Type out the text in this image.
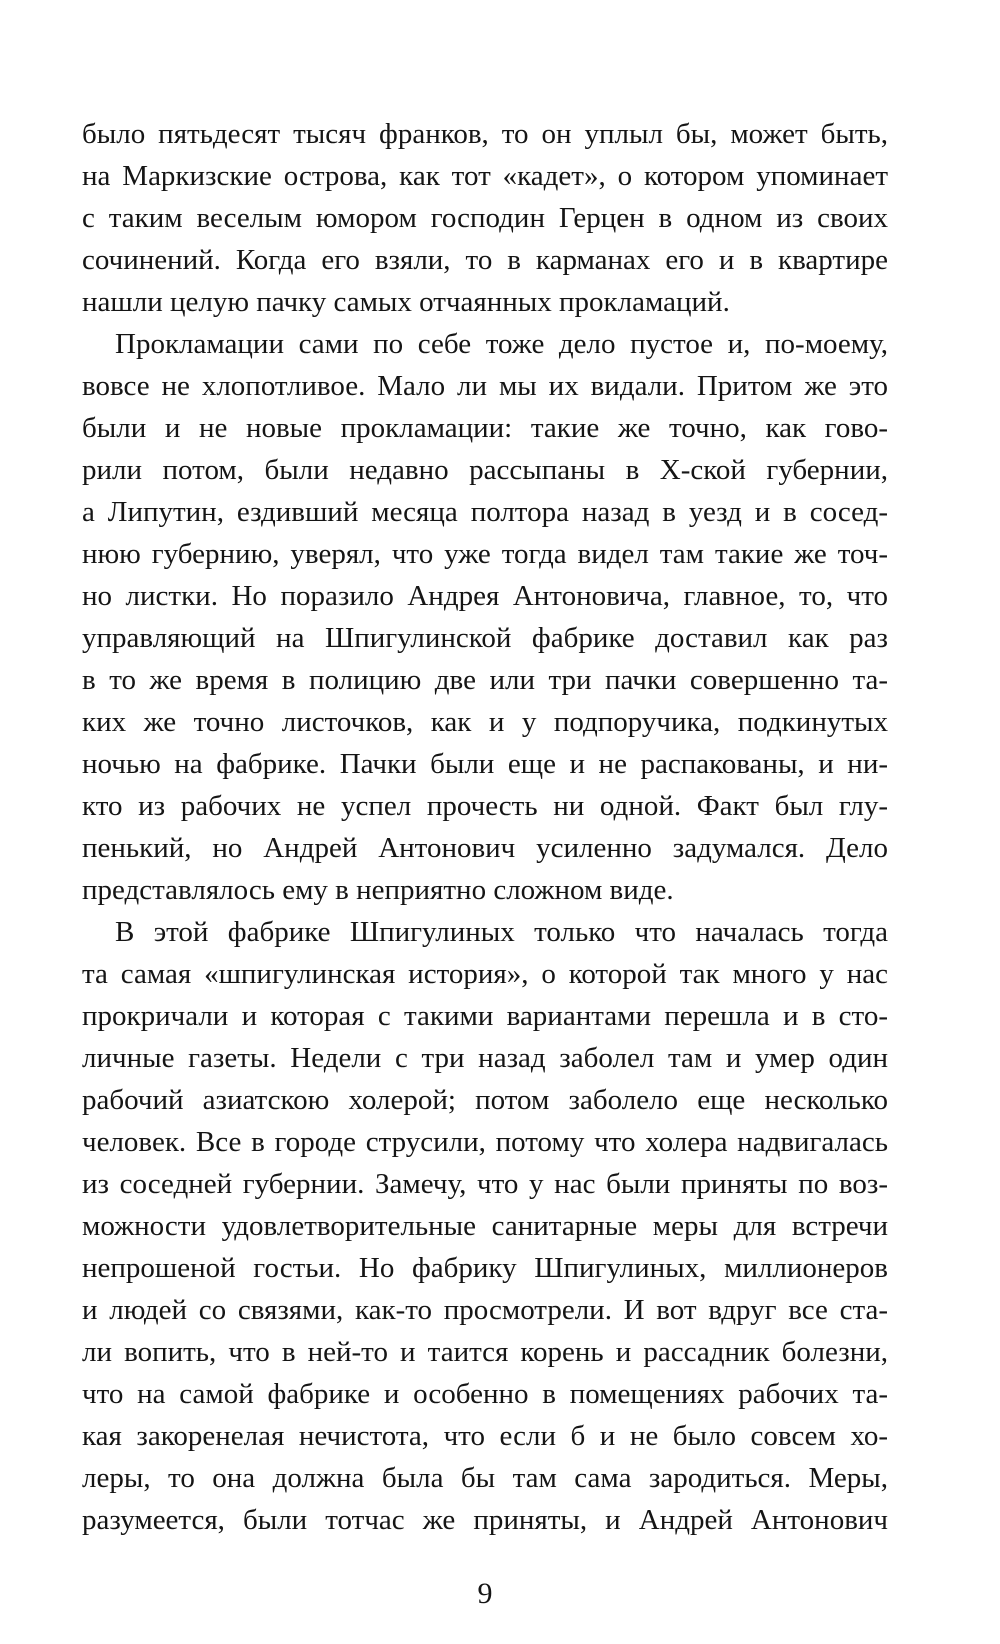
было пятьдесят тысяч франков, то он уплыл бы, может быть,
на Маркизские острова, как тот «кадет», о котором упоминает
с таким веселым юмором господин Герцен в одном из своих
сочинений. Когда его взяли, то в карманах его и в квартире
нашли целую пачку самых отчаянных прокламаций.
Прокламации сами по себе тоже дело пустое и, по-моему,
вовсе не хлопотливое. Мало ли мы их видали. Притом же это
были и не новые прокламации: такие же точно, как гово-
рили потом, были недавно рассыпаны в Х-ской губернии,
а Липутин, ездивший месяца полтора назад в уезд и в сосед-
нюю губернию, уверял, что уже тогда видел там такие же точ-
но листки. Но поразило Андрея Антоновича, главное, то, что
управляющий на Шпигулинской фабрике доставил как раз
в то же время в полицию две или три пачки совершенно та-
ких же точно листочков, как и у подпоручика, подкинутых
ночью на фабрике. Пачки были еще и не распакованы, и ни-
кто из рабочих не успел прочесть ни одной. Факт был глу-
пенький, но Андрей Антонович усиленно задумался. Дело
представлялось ему в неприятно сложном виде.
В этой фабрике Шпигулиных только что началась тогда
та самая «шпигулинская история», о которой так много у нас
прокричали и которая с такими вариантами перешла и в сто-
личные газеты. Недели с три назад заболел там и умер один
рабочий азиатскою холерой; потом заболело еще несколько
человек. Все в городе струсили, потому что холера надвигалась
из соседней губернии. Замечу, что у нас были приняты по воз-
можности удовлетворительные санитарные меры для встречи
непрошеной гостьи. Но фабрику Шпигулиных, миллионеров
и людей со связями, как-то просмотрели. И вот вдруг все ста-
ли вопить, что в ней-то и таится корень и рассадник болезни,
что на самой фабрике и особенно в помещениях рабочих та-
кая закоренелая нечистота, что если б и не было совсем хо-
леры, то она должна была бы там сама зародиться. Меры,
разумеется, были тотчас же приняты, и Андрей Антонович
9
